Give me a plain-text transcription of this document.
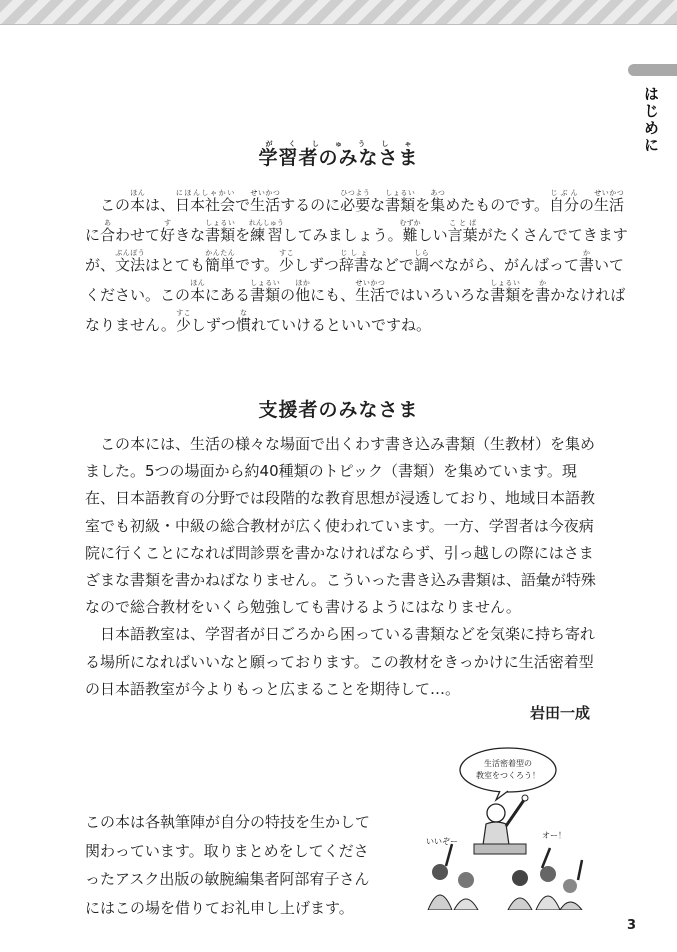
はじめに
学習者のみなさまがくしゅうしゃ
　この本ほんは、日本社会にほんしゃかいで生活せいかつするのに必要ひつような書類しょるいを集あつめたものです。自分じぶんの生活せいかつ
に合あわせて好すきな書類しょるいを練習れんしゅうしてみましょう。難むずかしい言葉ことばがたくさんでてきます
が、文法ぶんぽうはとても簡単かんたんです。少すこしずつ辞書じしょなどで調しらべながら、がんばって書かいて
ください。この本ほんにある書類しょるいの他ほかにも、生活せいかつではいろいろな書類しょるいを書かかなければ
なりません。少すこしずつ慣なれていけるといいですね。
支援者のみなさま

この本には、生活の様々な場面で出くわす書き込み書類（生教材）を集めました。5つの場面から約40種類のトピック（書類）を集めています。現在、日本語教育の分野では段階的な教育思想が浸透しており、地域日本語教室でも初級・中級の総合教材が広く使われています。一方、学習者は今夜病院に行くことになれば問診票を書かなければならず、引っ越しの際にはさまざまな書類を書かねばなりません。こういった書き込み書類は、語彙が特殊なので総合教材をいくら勉強しても書けるようにはなりません。

日本語教室は、学習者が日ごろから困っている書類などを気楽に持ち寄れる場所になればいいなと願っております。この教材をきっかけに生活密着型の日本語教室が今よりもっと広まることを期待して…。

岩田一成
この本は各執筆陣が自分の特技を生かして関わっています。取りまとめをしてくださったアスク出版の敏腕編集者阿部宥子さんにはこの場を借りてお礼申し上げます。
生活密着型の
教室をつくろう！
いいぞー
オー！
3
